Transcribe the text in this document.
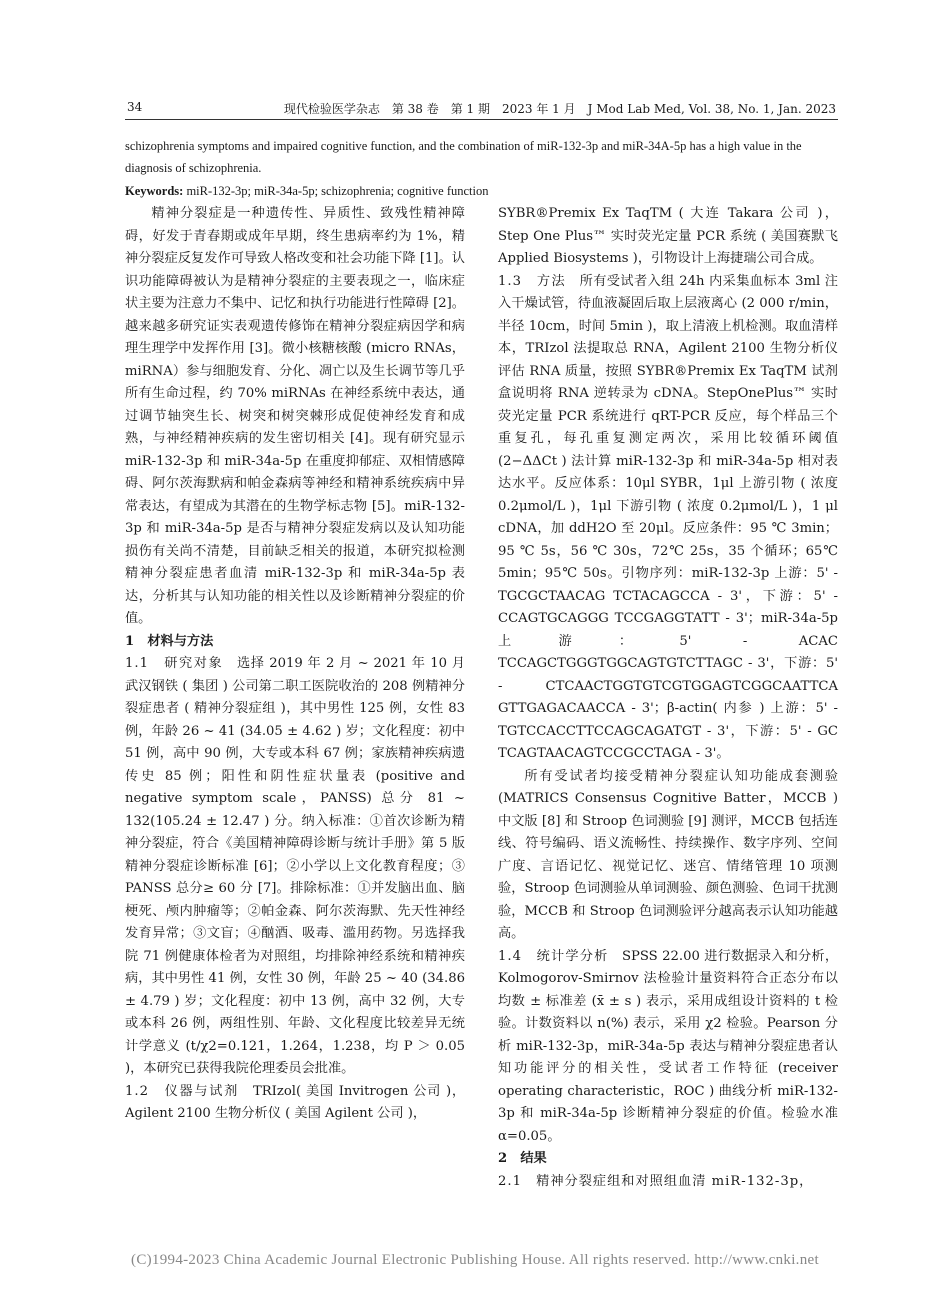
34	现代检验医学杂志　第 38 卷　第 1 期　2023 年 1 月　J Mod Lab Med, Vol. 38, No. 1, Jan. 2023

schizophrenia symptoms and impaired cognitive function, and the combination of miR-132-3p and miR-34A-5p has a high value in the diagnosis of schizophrenia.

Keywords: miR-132-3p; miR-34a-5p; schizophrenia; cognitive function

精神分裂症是一种遗传性、异质性、致残性精神障碍，好发于青春期或成年早期，终生患病率约为 1%，精神分裂症反复发作可导致人格改变和社会功能下降 [1]。认识功能障碍被认为是精神分裂症的主要表现之一，临床症状主要为注意力不集中、记忆和执行功能进行性障碍 [2]。越来越多研究证实表观遗传修饰在精神分裂症病因学和病理生理学中发挥作用 [3]。微小核糖核酸 (micro RNAs，miRNA）参与细胞发育、分化、凋亡以及生长调节等几乎所有生命过程，约 70% miRNAs 在神经系统中表达，通过调节轴突生长、树突和树突棘形成促使神经发育和成熟，与神经精神疾病的发生密切相关 [4]。现有研究显示 miR-132-3p 和 miR-34a-5p 在重度抑郁症、双相情感障碍、阿尔茨海默病和帕金森病等神经和精神系统疾病中异常表达，有望成为其潜在的生物学标志物 [5]。miR-132-3p 和 miR-34a-5p 是否与精神分裂症发病以及认知功能损伤有关尚不清楚，目前缺乏相关的报道，本研究拟检测精神分裂症患者血清 miR-132-3p 和 miR-34a-5p 表达，分析其与认知功能的相关性以及诊断精神分裂症的价值。

1　材料与方法

1.1　研究对象　 选择 2019 年 2 月 ~ 2021 年 10 月武汉钢铁 ( 集团 ) 公司第二职工医院收治的 208 例精神分裂症患者 ( 精神分裂症组 )，其中男性 125 例，女性 83 例，年龄 26 ~ 41 (34.05 ± 4.62 ) 岁；文化程度：初中 51 例，高中 90 例，大专或本科 67 例；家族精神疾病遗传史 85 例；阳性和阴性症状量表 (positive and negative symptom scale，PANSS) 总分 81 ~ 132(105.24 ± 12.47 ) 分。纳入标准：①首次诊断为精神分裂症，符合《美国精神障碍诊断与统计手册》第 5 版精神分裂症诊断标准 [6]；②小学以上文化教育程度；③ PANSS 总分≥ 60 分 [7]。排除标准：①并发脑出血、脑梗死、颅内肿瘤等；②帕金森、阿尔茨海默、先天性神经发育异常；③文盲；④酗酒、吸毒、滥用药物。另选择我院 71 例健康体检者为对照组，均排除神经系统和精神疾病，其中男性 41 例，女性 30 例，年龄 25 ~ 40 (34.86 ± 4.79 ) 岁；文化程度：初中 13 例，高中 32 例，大专或本科 26 例，两组性别、年龄、文化程度比较差异无统计学意义 (t/χ2=0.121，1.264，1.238，均 P ＞ 0.05 )，本研究已获得我院伦理委员会批准。

1.2　仪器与试剂　 TRIzol( 美国 Invitrogen 公司 )，Agilent 2100 生物分析仪 ( 美国 Agilent 公司 )，

SYBR®Premix Ex TaqTM ( 大连 Takara 公司 )，Step One Plus™ 实时荧光定量 PCR 系统 ( 美国赛默飞 Applied Biosystems )，引物设计上海捷瑞公司合成。

1.3　方法　 所有受试者入组 24h 内采集血标本 3ml 注入干燥试管，待血液凝固后取上层液离心 (2 000 r/min，半径 10cm，时间 5min )，取上清液上机检测。取血清样本，TRIzol 法提取总 RNA，Agilent 2100 生物分析仪评估 RNA 质量，按照 SYBR®Premix Ex TaqTM 试剂盒说明将 RNA 逆转录为 cDNA。StepOnePlus™ 实时荧光定量 PCR 系统进行 qRT-PCR 反应，每个样品三个重复孔，每孔重复测定两次，采用比较循环阈值 (2−ΔΔCt ) 法计算 miR-132-3p 和 miR-34a-5p 相对表达水平。反应体系：10μl SYBR，1μl 上游引物 ( 浓度 0.2μmol/L )，1μl 下游引物 ( 浓度 0.2μmol/L )，1 μl cDNA，加 ddH2O 至 20μl。反应条件：95 ℃ 3min；95 ℃ 5s，56 ℃ 30s，72℃ 25s，35 个循环；65℃ 5min；95℃ 50s。引物序列：miR-132-3p 上游：5' - TGCGCTAACAG TCTACAGCCA - 3'，下游：5' - CCAGTGCAGGG TCCGAGGTATT - 3'；miR-34a-5p 上游：5' - ACAC TCCAGCTGGGTGGCAGTGTCTTAGC - 3'，下游：5' - CTCAACTGGTGTCGTGGAGTCGGCAATTCA GTTGAGACAACCA - 3'；β-actin( 内参 ) 上游：5' - TGTCCACCTTCCAGCAGATGT - 3'，下游：5' - GC TCAGTAACAGTCCGCCTAGA - 3'。

所有受试者均接受精神分裂症认知功能成套测验 (MATRICS Consensus Cognitive Batter，MCCB ) 中文版 [8] 和 Stroop 色词测验 [9] 测评，MCCB 包括连线、符号编码、语义流畅性、持续操作、数字序列、空间广度、言语记忆、视觉记忆、迷宫、情绪管理 10 项测验，Stroop 色词测验从单词测验、颜色测验、色词干扰测验，MCCB 和 Stroop 色词测验评分越高表示认知功能越高。

1.4　统计学分析　 SPSS 22.00 进行数据录入和分析，Kolmogorov-Smirnov 法检验计量资料符合正态分布以均数 ± 标准差 (x̄ ± s ) 表示，采用成组设计资料的 t 检验。计数资料以 n(%) 表示，采用 χ2 检验。Pearson 分析 miR-132-3p，miR-34a-5p 表达与精神分裂症患者认知功能评分的相关性，受试者工作特征 (receiver operating characteristic，ROC ) 曲线分析 miR-132-3p 和 miR-34a-5p 诊断精神分裂症的价值。检验水准 α=0.05。

2　结果

2.1　精神分裂症组和对照组血清 miR-132-3p，

(C)1994-2023 China Academic Journal Electronic Publishing House. All rights reserved. http://www.cnki.net
